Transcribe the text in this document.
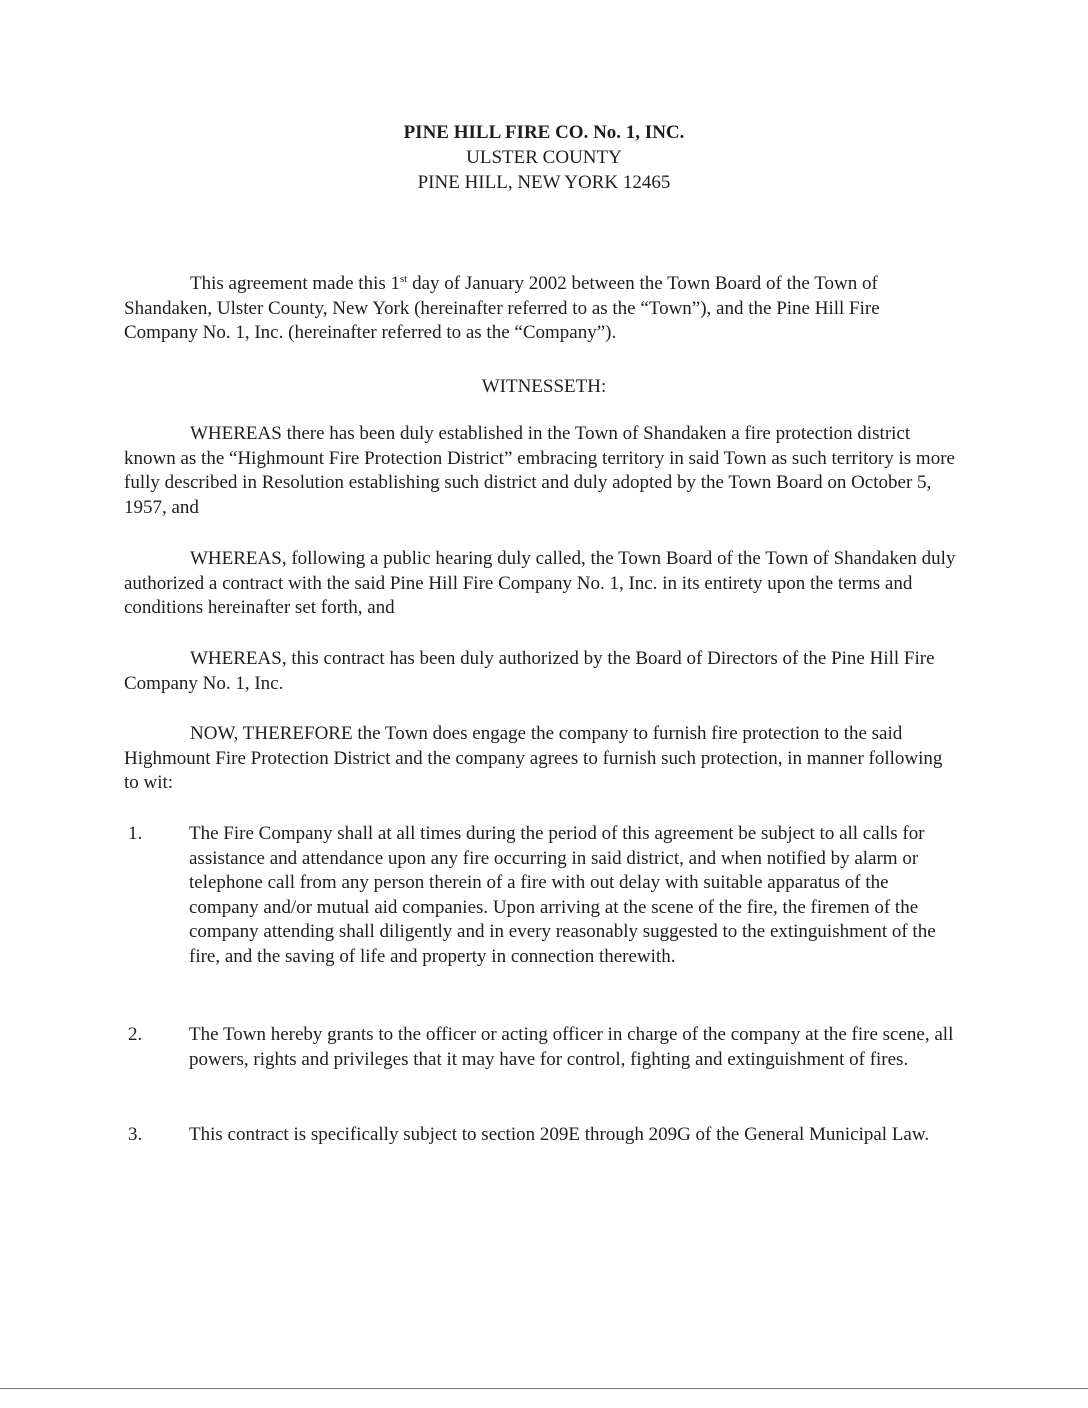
PINE HILL FIRE CO. No. 1, INC.
ULSTER COUNTY
PINE HILL, NEW YORK 12465

This agreement made this 1st day of January 2002 between the Town Board of the Town of Shandaken, Ulster County, New York (hereinafter referred to as the “Town”), and the Pine Hill Fire Company No. 1, Inc. (hereinafter referred to as the “Company”).

WITNESSETH:

WHEREAS there has been duly established in the Town of Shandaken a fire protection district known as the “Highmount Fire Protection District” embracing territory in said Town as such territory is more fully described in Resolution establishing such district and duly adopted by the Town Board on October 5, 1957, and

WHEREAS, following a public hearing duly called, the Town Board of the Town of Shandaken duly authorized a contract with the said Pine Hill Fire Company No. 1, Inc. in its entirety upon the terms and conditions hereinafter set forth, and

WHEREAS, this contract has been duly authorized by the Board of Directors of the Pine Hill Fire Company No. 1, Inc.

NOW, THEREFORE the Town does engage the company to furnish fire protection to the said Highmount Fire Protection District and the company agrees to furnish such protection, in manner following to wit:

1. The Fire Company shall at all times during the period of this agreement be subject to all calls for assistance and attendance upon any fire occurring in said district, and when notified by alarm or telephone call from any person therein of a fire with out delay with suitable apparatus of the company and/or mutual aid companies. Upon arriving at the scene of the fire, the firemen of the company attending shall diligently and in every reasonably suggested to the extinguishment of the fire, and the saving of life and property in connection therewith.
2. The Town hereby grants to the officer or acting officer in charge of the company at the fire scene, all powers, rights and privileges that it may have for control, fighting and extinguishment of fires.
3. This contract is specifically subject to section 209E through 209G of the General Municipal Law.
